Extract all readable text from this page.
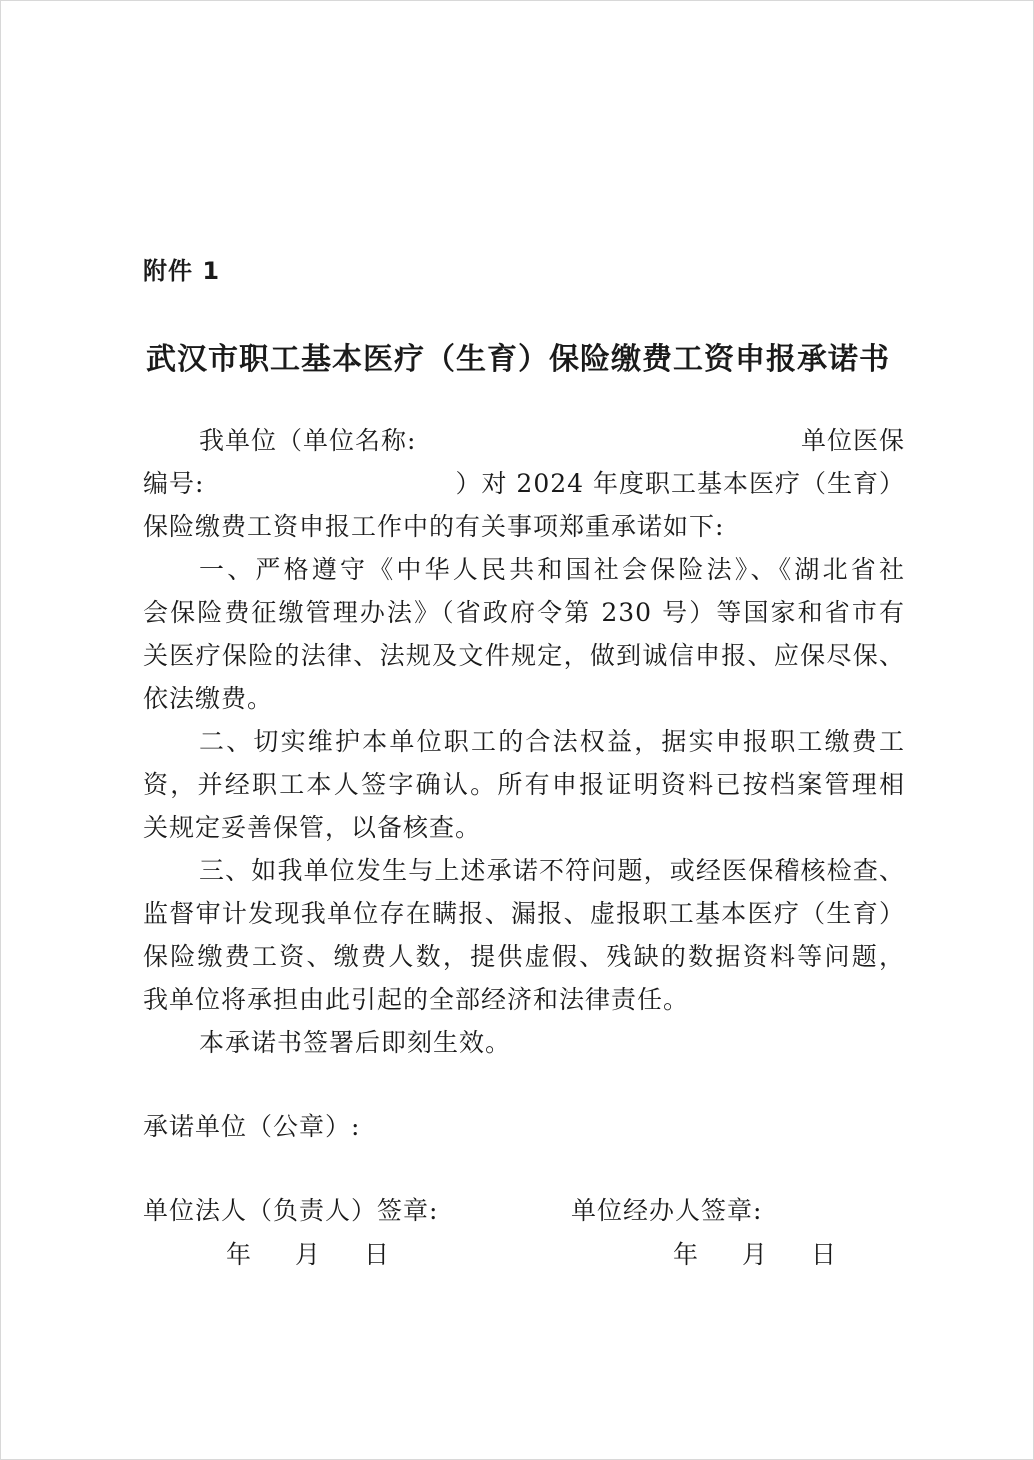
附件 1
武汉市职工基本医疗（生育）保险缴费工资申报承诺书
我单位（单位名称:	单位医保
编号:	）对 2024 年度职工基本医疗（生育）
保险缴费工资申报工作中的有关事项郑重承诺如下:
一、严格遵守《中华人民共和国社会保险法》、《湖北省社
会保险费征缴管理办法》（省政府令第 230 号）等国家和省市有
关医疗保险的法律、法规及文件规定，做到诚信申报、应保尽保、
依法缴费。
二、切实维护本单位职工的合法权益，据实申报职工缴费工
资，并经职工本人签字确认。所有申报证明资料已按档案管理相
关规定妥善保管，以备核查。
三、如我单位发生与上述承诺不符问题，或经医保稽核检查、
监督审计发现我单位存在瞒报、漏报、虚报职工基本医疗（生育）
保险缴费工资、缴费人数，提供虚假、残缺的数据资料等问题，
我单位将承担由此引起的全部经济和法律责任。
本承诺书签署后即刻生效。
承诺单位（公章）:
单位法人（负责人）签章:	单位经办人签章:
年 月 日	年 月 日
